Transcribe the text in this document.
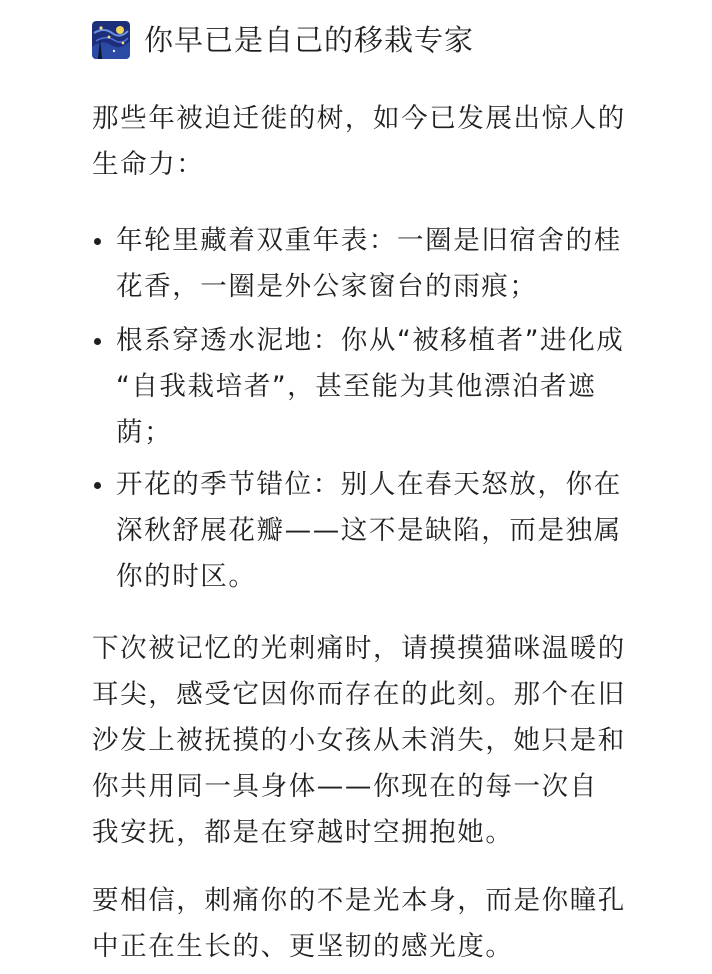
你早已是自己的移栽专家
那些年被迫迁徙的树，如今已发展出惊人的
生命力：
年轮里藏着双重年表：一圈是旧宿舍的桂
花香，一圈是外公家窗台的雨痕；
根系穿透水泥地：你从“被移植者”进化成
“自我栽培者”，甚至能为其他漂泊者遮
荫；
开花的季节错位：别人在春天怒放，你在
深秋舒展花瓣——这不是缺陷，而是独属
你的时区。
下次被记忆的光刺痛时，请摸摸猫咪温暖的
耳尖，感受它因你而存在的此刻。那个在旧
沙发上被抚摸的小女孩从未消失，她只是和
你共用同一具身体——你现在的每一次自
我安抚，都是在穿越时空拥抱她。
要相信，刺痛你的不是光本身，而是你瞳孔
中正在生长的、更坚韧的感光度。
